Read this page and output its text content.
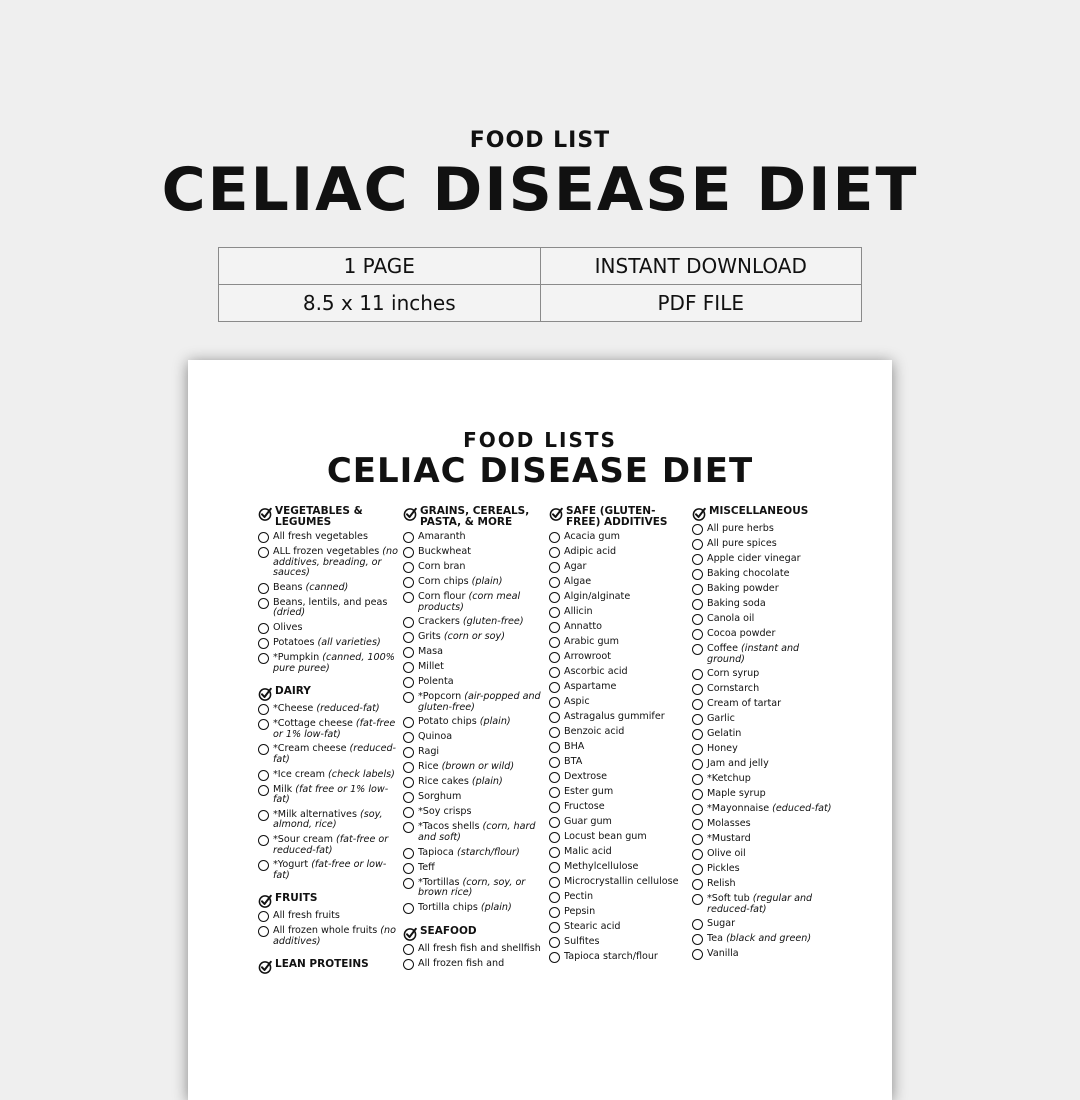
FOOD LIST
CELIAC DISEASE DIET
1 PAGE	INSTANT DOWNLOAD
8.5 x 11 inches	PDF FILE
FOOD LISTS
CELIAC DISEASE DIET
VEGETABLES & LEGUMES
All fresh vegetables
ALL frozen vegetables (no additives, breading, or sauces)
Beans (canned)
Beans, lentils, and peas (dried)
Olives
Potatoes (all varieties)
*Pumpkin (canned, 100% pure puree)
DAIRY
*Cheese (reduced-fat)
*Cottage cheese (fat-free or 1% low-fat)
*Cream cheese (reduced-fat)
*Ice cream (check labels)
Milk (fat free or 1% low-fat)
*Milk alternatives (soy, almond, rice)
*Sour cream (fat-free or reduced-fat)
*Yogurt (fat-free or low-fat)
FRUITS
All fresh fruits
All frozen whole fruits (no additives)
LEAN PROTEINS
GRAINS, CEREALS, PASTA, & MORE
Amaranth
Buckwheat
Corn bran
Corn chips (plain)
Corn flour (corn meal products)
Crackers (gluten-free)
Grits (corn or soy)
Masa
Millet
Polenta
*Popcorn (air-popped and gluten-free)
Potato chips (plain)
Quinoa
Ragi
Rice (brown or wild)
Rice cakes (plain)
Sorghum
*Soy crisps
*Tacos shells (corn, hard and soft)
Tapioca (starch/flour)
Teff
*Tortillas (corn, soy, or brown rice)
Tortilla chips (plain)
SEAFOOD
All fresh fish and shellfish
All frozen fish and
SAFE (GLUTEN-FREE) ADDITIVES
Acacia gum
Adipic acid
Agar
Algae
Algin/alginate
Allicin
Annatto
Arabic gum
Arrowroot
Ascorbic acid
Aspartame
Aspic
Astragalus gummifer
Benzoic acid
BHA
BTA
Dextrose
Ester gum
Fructose
Guar gum
Locust bean gum
Malic acid
Methylcellulose
Microcrystallin cellulose
Pectin
Pepsin
Stearic acid
Sulfites
Tapioca starch/flour
MISCELLANEOUS
All pure herbs
All pure spices
Apple cider vinegar
Baking chocolate
Baking powder
Baking soda
Canola oil
Cocoa powder
Coffee (instant and ground)
Corn syrup
Cornstarch
Cream of tartar
Garlic
Gelatin
Honey
Jam and jelly
*Ketchup
Maple syrup
*Mayonnaise (educed-fat)
Molasses
*Mustard
Olive oil
Pickles
Relish
*Soft tub (regular and reduced-fat)
Sugar
Tea (black and green)
Vanilla
